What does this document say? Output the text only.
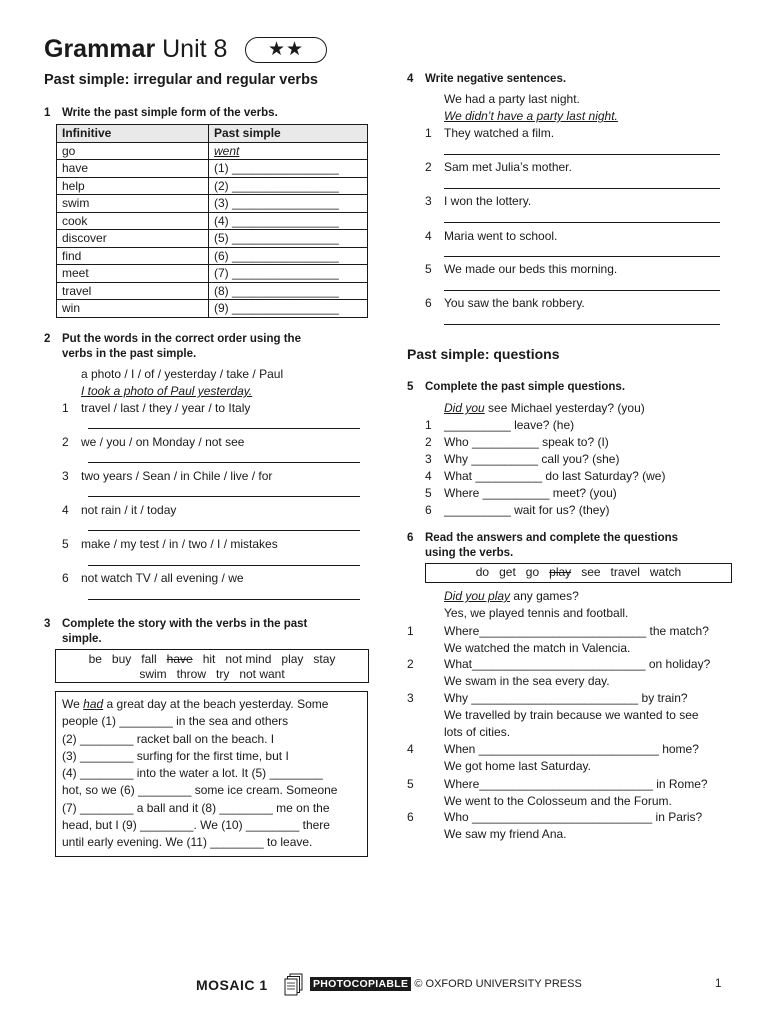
Grammar Unit 8	★★
Past simple: irregular and regular verbs
1 Write the past simple form of the verbs.
Infinitive	Past simple
go	went
have	(1) ________________
help	(2) ________________
swim	(3) ________________
cook	(4) ________________
discover	(5) ________________
find	(6) ________________
meet	(7) ________________
travel	(8) ________________
win	(9) ________________
2 Put the words in the correct order using the
verbs in the past simple.
a photo / I / of / yesterday / take / Paul
I took a photo of Paul yesterday.
1 travel / last / they / year / to Italy
2 we / you / on Monday / not see
3 two years / Sean / in Chile / live / for
4 not rain / it / today
5 make / my test / in / two / I / mistakes
6 not watch TV / all evening / we
3 Complete the story with the verbs in the past
simple.
be   buy   fall have hit   not mind   play   stay
swim   throw   try   not want
We had a great day at the beach yesterday. Some
people (1) ________ in the sea and others
(2) ________ racket ball on the beach. I
(3) ________ surfing for the first time, but I
(4) ________ into the water a lot. It (5) ________
hot, so we (6) ________ some ice cream. Someone
(7) ________ a ball and it (8) ________ me on the
head, but I (9) ________. We (10) ________ there
until early evening. We (11) ________ to leave.
4 Write negative sentences.
We had a party last night.
We didn’t have a party last night.
1 They watched a film.
2 Sam met Julia’s mother.
3 I won the lottery.
4 Maria went to school.
5 We made our beds this morning.
6 You saw the bank robbery.
Past simple: questions
5 Complete the past simple questions.
Did you see Michael yesterday? (you)
1 __________ leave? (he)
2 Who __________ speak to? (I)
3 Why __________ call you? (she)
4 What __________ do last Saturday? (we)
5 Where __________ meet? (you)
6 __________ wait for us? (they)
6 Read the answers and complete the questions
using the verbs.
do   get   go play see   travel   watch
Did you play any games?
Yes, we played tennis and football.
1	Where_________________________ the match?
We watched the match in Valencia.
2	What__________________________ on holiday?
We swam in the sea every day.
3	Why _________________________ by train?
We travelled by train because we wanted to see
lots of cities.
4	When ___________________________ home?
We got home last Saturday.
5	Where__________________________ in Rome?
We went to the Colosseum and the Forum.
6	Who ___________________________ in Paris?
We saw my friend Ana.
MOSAIC 1	PHOTOCOPIABLE © OXFORD UNIVERSITY PRESS	1
